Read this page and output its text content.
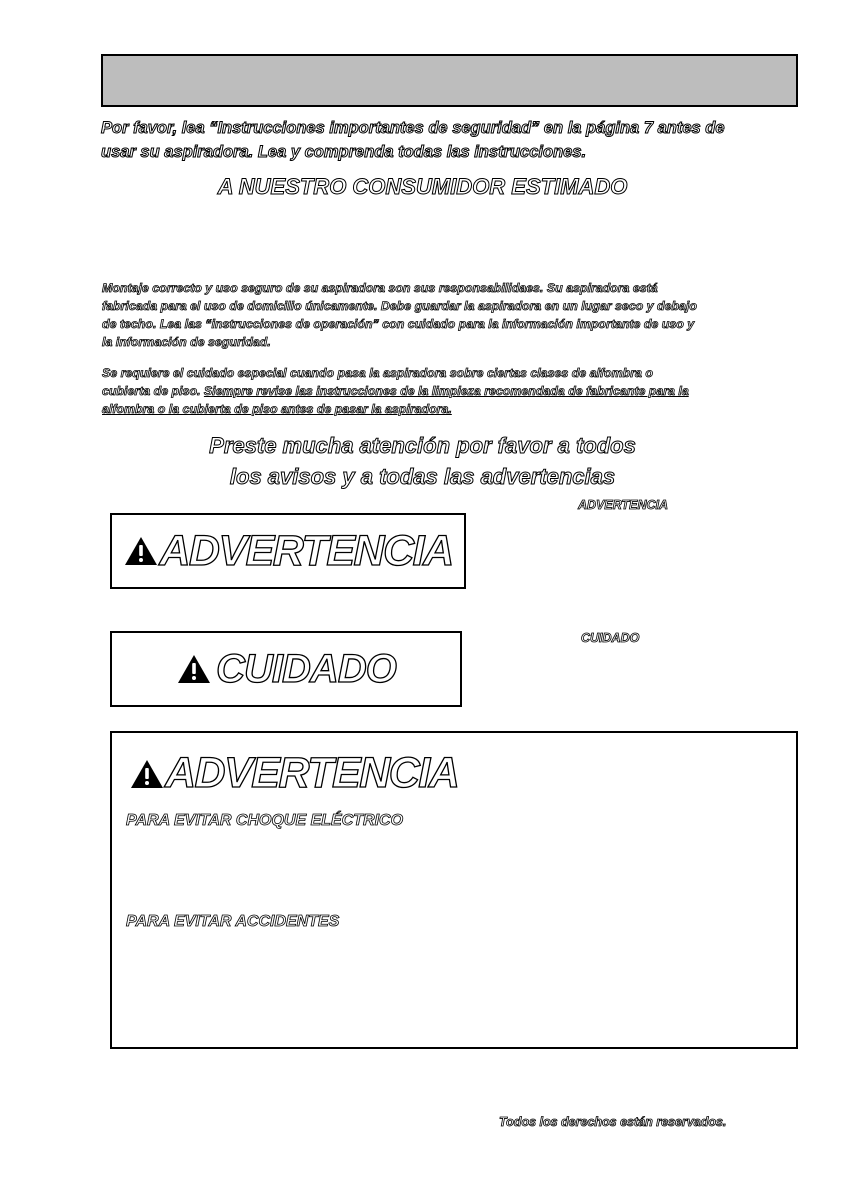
Por favor, lea “Instrucciones importantes de seguridad” en la página 7 antes de
usar su aspiradora. Lea y comprenda todas las instrucciones.
A NUESTRO CONSUMIDOR ESTIMADO
Montaje correcto y uso seguro de su aspiradora son sus responsabilidaes. Su aspiradora está
fabricada para el uso de domicilio únicamente. Debe guardar la aspiradora en un lugar seco y debajo
de techo. Lea las “instrucciones de operación” con cuidado para la información importante de uso y
la información de seguridad.
Se requiere el cuidado especial cuando pasa la aspiradora sobre ciertas clases de alfombra o
cubierta de piso. Siempre revise las instrucciones de la limpieza recomendada de fabricante para la
alfombra o la cubierta de piso antes de pasar la aspiradora.
Preste mucha atención por favor a todos
los avisos y a todas las advertencias
ADVERTENCIA
ADVERTENCIA
CUIDADO
CUIDADO
ADVERTENCIA
PARA EVITAR CHOQUE ELÉCTRICO
PARA EVITAR ACCIDENTES
Todos los derechos están reservados.
